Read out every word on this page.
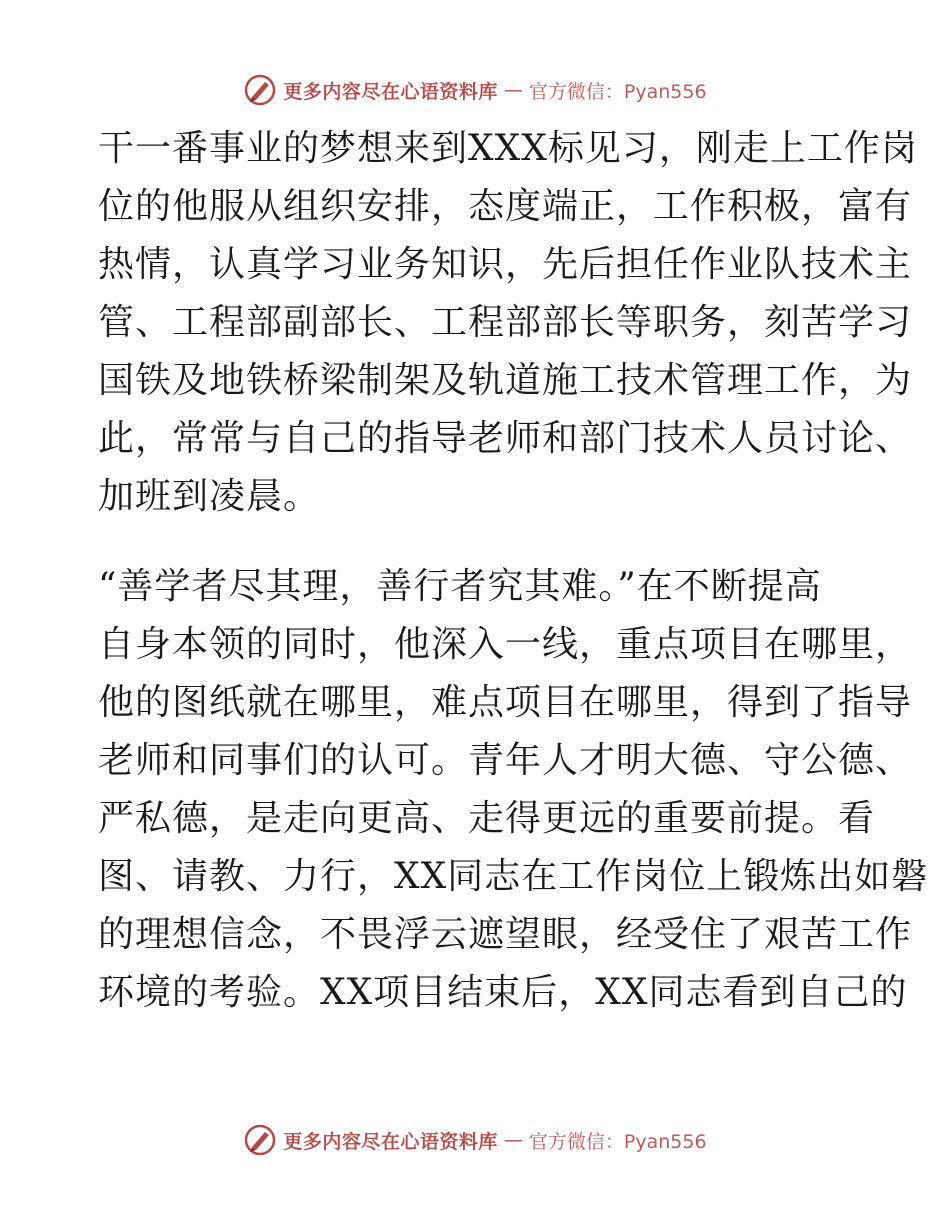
更多内容尽在心语资料库 — 官方微信：Pyan556
干一番事业的梦想来到XXX标见习，刚走上工作岗
位的他服从组织安排，态度端正，工作积极，富有
热情，认真学习业务知识，先后担任作业队技术主
管、工程部副部长、工程部部长等职务，刻苦学习
国铁及地铁桥梁制架及轨道施工技术管理工作，为
此，常常与自己的指导老师和部门技术人员讨论、
加班到凌晨。
“善学者尽其理，善行者究其难。”在不断提高
自身本领的同时，他深入一线，重点项目在哪里，
他的图纸就在哪里，难点项目在哪里，得到了指导
老师和同事们的认可。青年人才明大德、守公德、
严私德，是走向更高、走得更远的重要前提。看
图、请教、力行，XX同志在工作岗位上锻炼出如磐
的理想信念，不畏浮云遮望眼，经受住了艰苦工作
环境的考验。XX项目结束后，XX同志看到自己的
更多内容尽在心语资料库 — 官方微信：Pyan556
